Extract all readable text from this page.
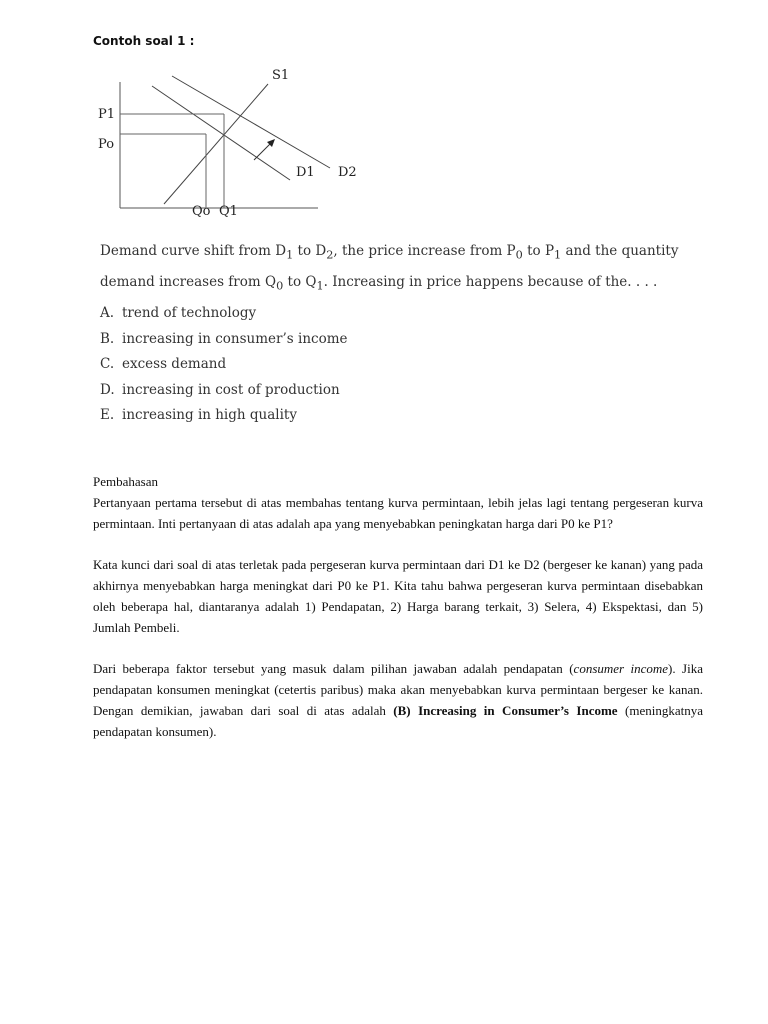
Contoh soal 1 :
S1
P1
Po
D1 D2
Qo Q1
Demand curve shift from $D_1$ to $D_2$, the price increase from $P_0$ to $P_1$ and the quantity demand increases from $Q_0$ to $Q_1$. Increasing in price happens because of the. . . .
A. trend of technology
B. increasing in consumer’s income
C. excess demand
D. increasing in cost of production
E. increasing in high quality

Pembahasan

Pertanyaan pertama tersebut di atas membahas tentang kurva permintaan, lebih jelas lagi tentang pergeseran kurva permintaan. Inti pertanyaan di atas adalah apa yang menyebabkan peningkatan harga dari P0 ke P1?

Kata kunci dari soal di atas terletak pada pergeseran kurva permintaan dari D1 ke D2 (bergeser ke kanan) yang pada akhirnya menyebabkan harga meningkat dari P0 ke P1. Kita tahu bahwa pergeseran kurva permintaan disebabkan oleh beberapa hal, diantaranya adalah 1) Pendapatan, 2) Harga barang terkait, 3) Selera, 4) Ekspektasi, dan 5) Jumlah Pembeli.

Dari beberapa faktor tersebut yang masuk dalam pilihan jawaban adalah pendapatan (consumer income). Jika pendapatan konsumen meningkat (cetertis paribus) maka akan menyebabkan kurva permintaan bergeser ke kanan. Dengan demikian, jawaban dari soal di atas adalah (B) Increasing in Consumer’s Income (meningkatnya pendapatan konsumen).
